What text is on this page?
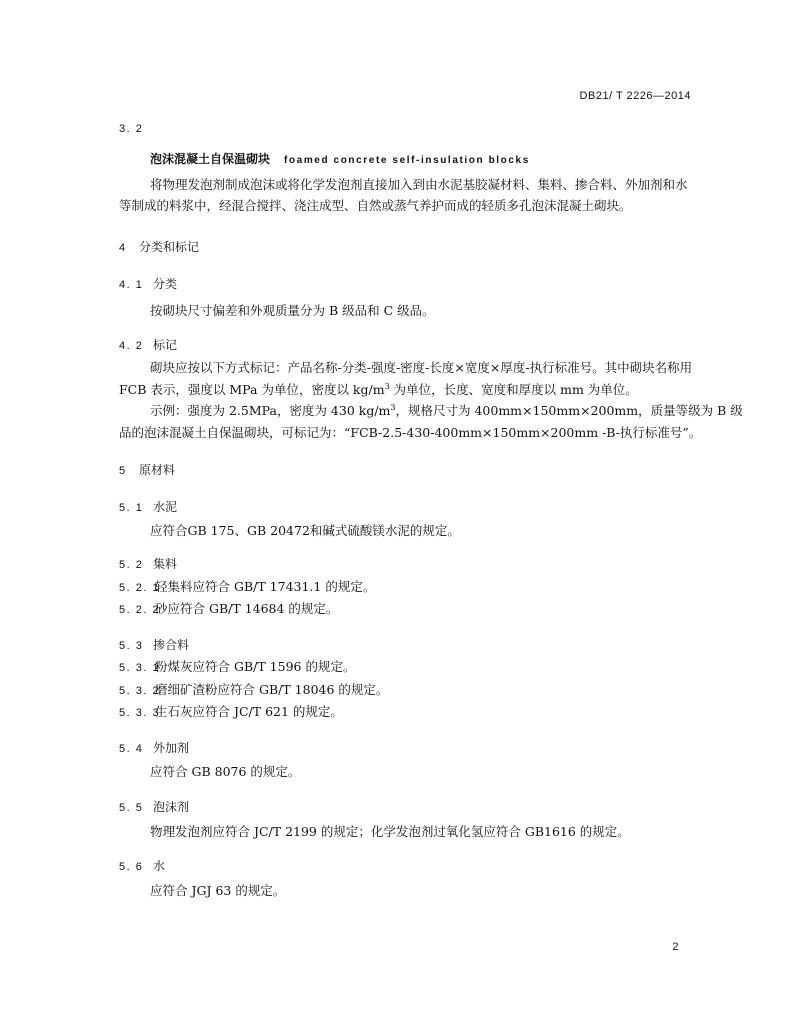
DB21/ T 2226—2014
3. 2
泡沫混凝土自保温砌块 foamed concrete self-insulation blocks
将物理发泡剂制成泡沫或将化学发泡剂直接加入到由水泥基胶凝材料、集料、掺合料、外加剂和水
等制成的料浆中，经混合搅拌、浇注成型、自然或蒸气养护而成的轻质多孔泡沫混凝土砌块。
4 分类和标记
4. 1 分类
按砌块尺寸偏差和外观质量分为 B 级品和 C 级品。
4. 2 标记
砌块应按以下方式标记：产品名称-分类-强度-密度-长度×宽度×厚度-执行标准号。其中砌块名称用
FCB 表示，强度以 MPa 为单位，密度以 $kg/m^3$ 为单位，长度、宽度和厚度以 mm 为单位。
示例：强度为 2.5MPa，密度为 430 $kg/m^3$，规格尺寸为 400mm×150mm×200mm，质量等级为 B 级
品的泡沫混凝土自保温砌块，可标记为：“FCB-2.5-430-400mm×150mm×200mm -B-执行标准号”。
5 原材料
5. 1 水泥
应符合GB 175、GB 20472和碱式硫酸镁水泥的规定。
5. 2 集料
5. 2. 1轻集料应符合 GB/T 17431.1 的规定。
5. 2. 2砂应符合 GB/T 14684 的规定。
5. 3 掺合料
5. 3. 1粉煤灰应符合 GB/T 1596 的规定。
5. 3. 2磨细矿渣粉应符合 GB/T 18046 的规定。
5. 3. 3生石灰应符合 JC/T 621 的规定。
5. 4 外加剂
应符合 GB 8076 的规定。
5. 5 泡沫剂
物理发泡剂应符合 JC/T 2199 的规定；化学发泡剂过氧化氢应符合 GB1616 的规定。
5. 6 水
应符合 JGJ 63 的规定。
2
